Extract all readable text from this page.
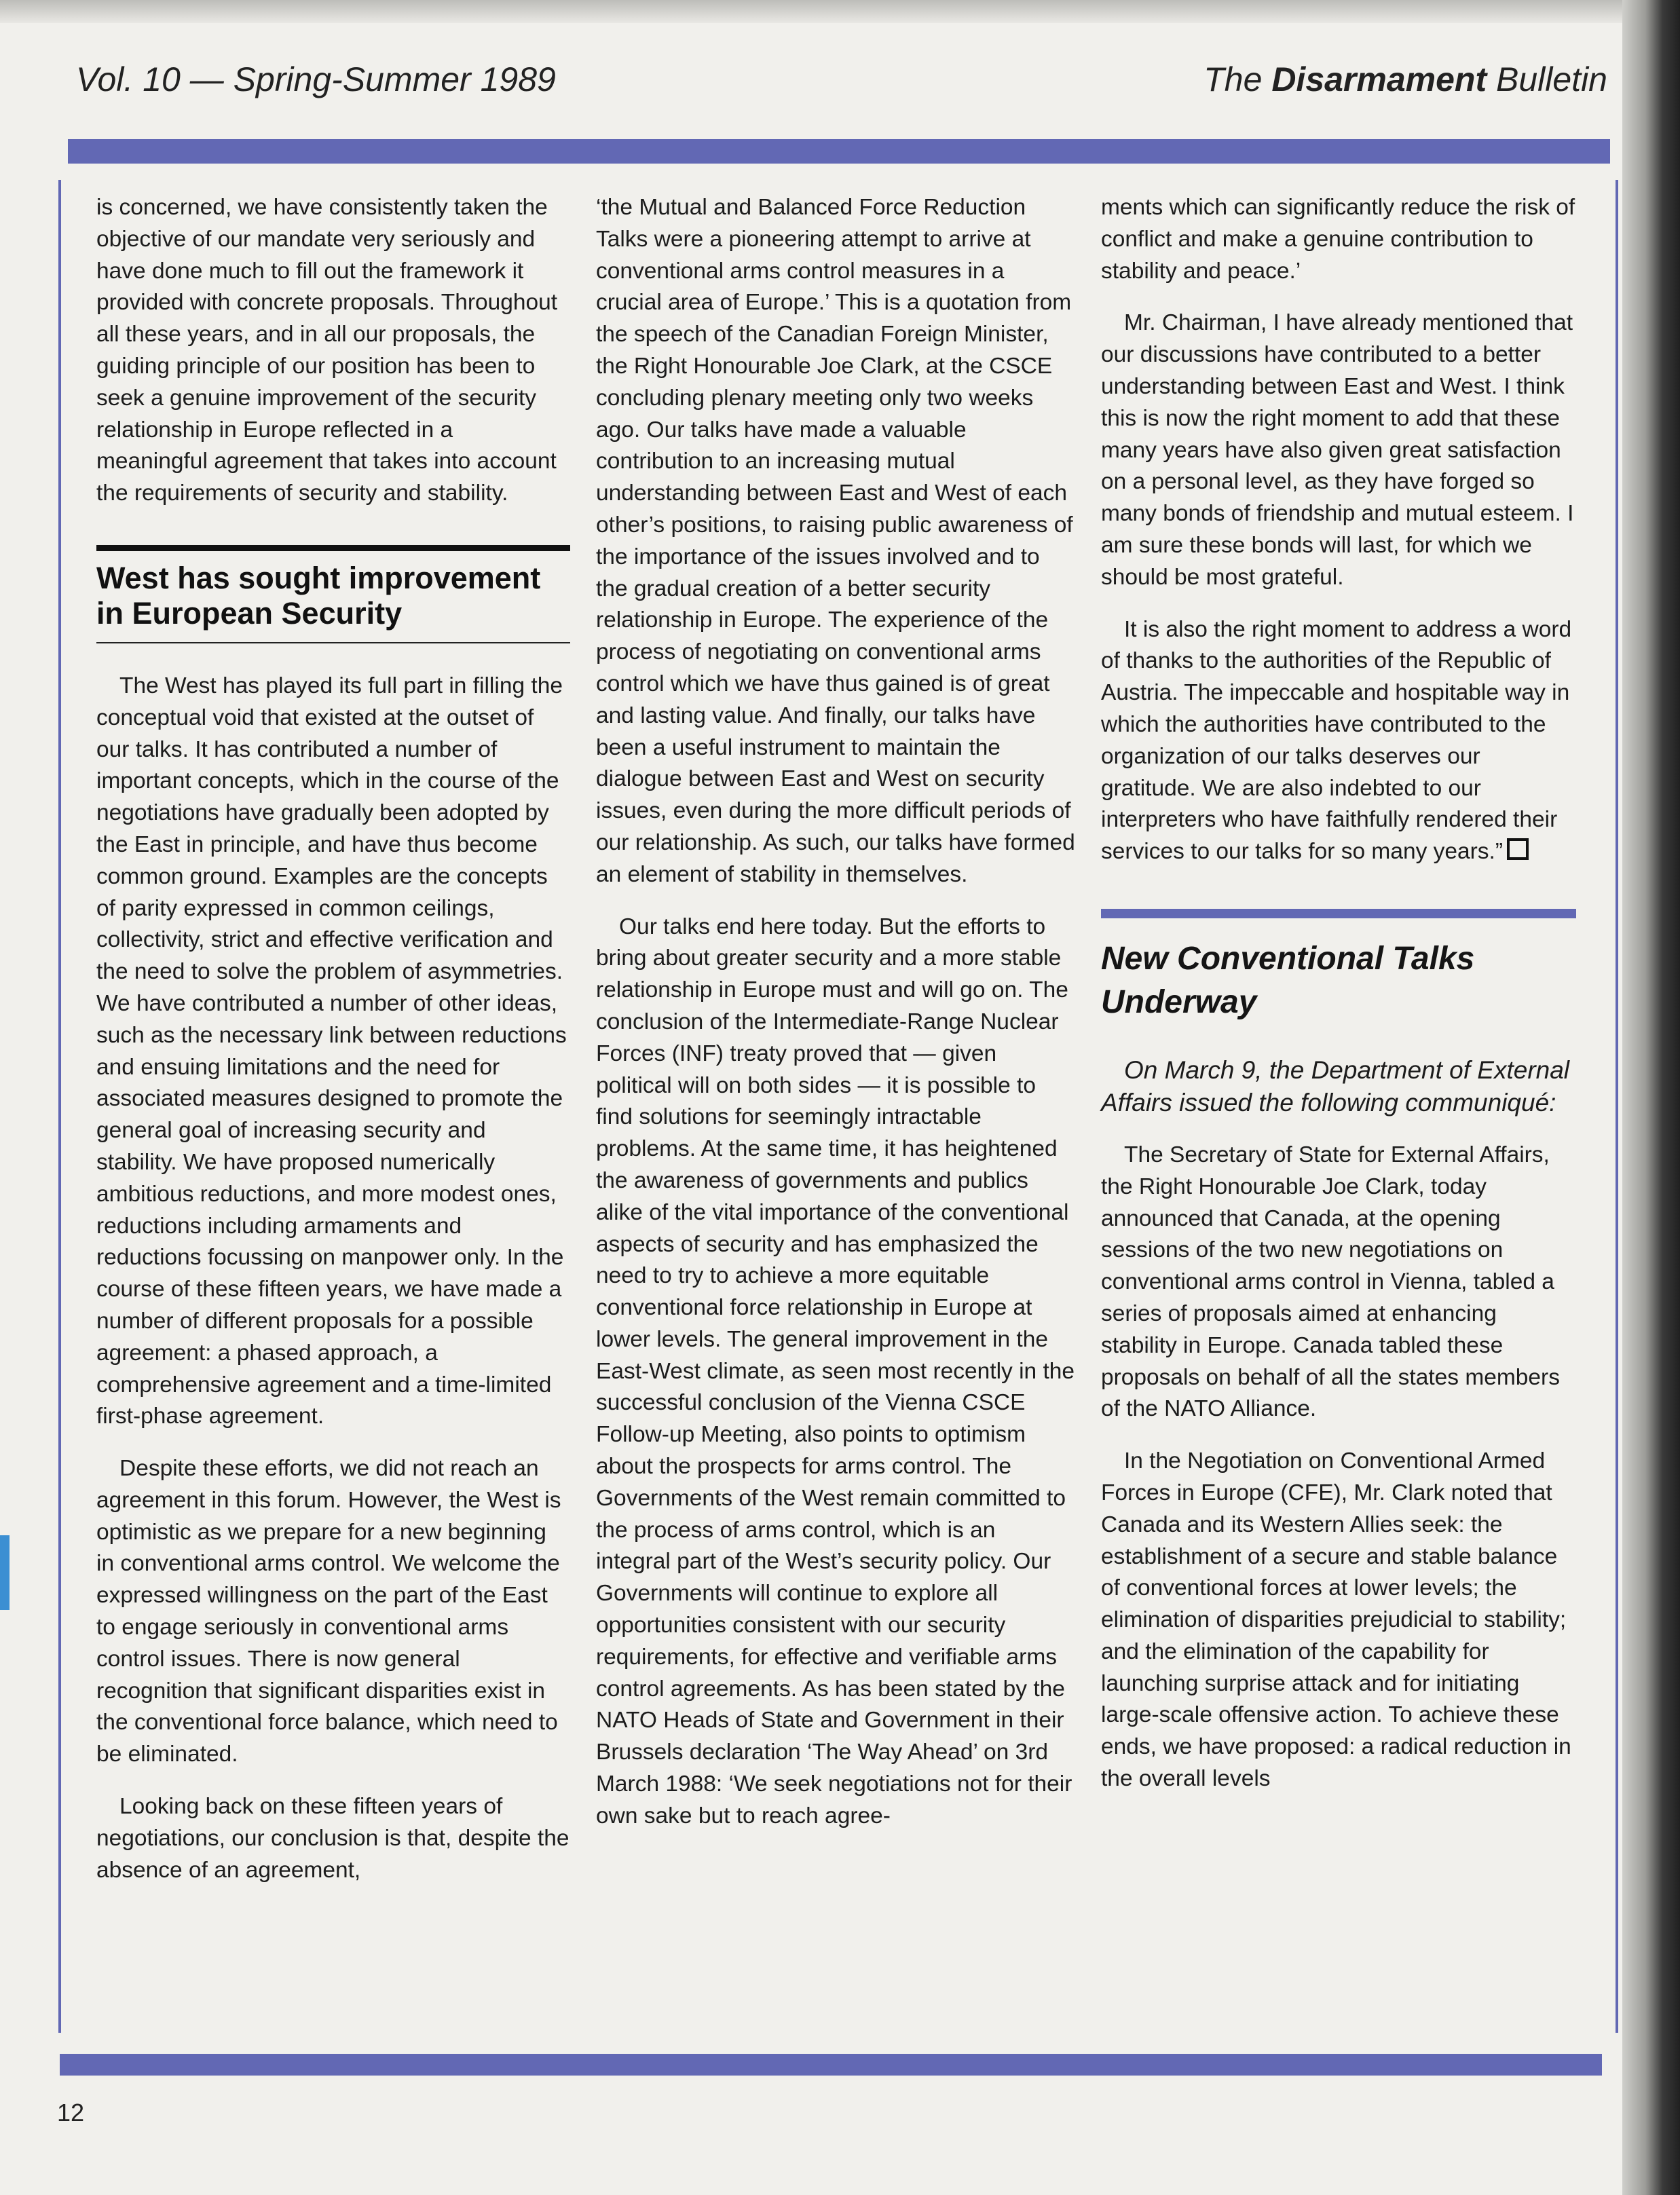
Vol. 10 — Spring-Summer 1989	The Disarmament Bulletin

is concerned, we have consistently taken the objective of our mandate very seriously and have done much to fill out the framework it provided with concrete proposals. Throughout all these years, and in all our proposals, the guiding principle of our position has been to seek a genuine improvement of the security relationship in Europe reflected in a meaningful agreement that takes into account the requirements of security and stability.

West has sought improvement in European Security

The West has played its full part in filling the conceptual void that existed at the outset of our talks. It has contributed a number of important concepts, which in the course of the negotiations have gradually been adopted by the East in principle, and have thus become common ground. Examples are the concepts of parity expressed in common ceilings, collectivity, strict and effective verification and the need to solve the problem of asymmetries. We have contributed a number of other ideas, such as the necessary link between reductions and ensuing limitations and the need for associated measures designed to promote the general goal of increasing security and stability. We have proposed numerically ambitious reductions, and more modest ones, reductions including armaments and reductions focussing on manpower only. In the course of these fifteen years, we have made a number of different proposals for a possible agreement: a phased approach, a comprehensive agreement and a time-limited first-phase agreement.

Despite these efforts, we did not reach an agreement in this forum. However, the West is optimistic as we prepare for a new beginning in conventional arms control. We welcome the expressed willingness on the part of the East to engage seriously in conventional arms control issues. There is now general recognition that significant disparities exist in the conventional force balance, which need to be eliminated.

Looking back on these fifteen years of negotiations, our conclusion is that, despite the absence of an agreement,

‘the Mutual and Balanced Force Reduction Talks were a pioneering attempt to arrive at conventional arms control measures in a crucial area of Europe.’ This is a quotation from the speech of the Canadian Foreign Minister, the Right Honourable Joe Clark, at the CSCE concluding plenary meeting only two weeks ago. Our talks have made a valuable contribution to an increasing mutual understanding between East and West of each other’s positions, to raising public awareness of the importance of the issues involved and to the gradual creation of a better security relationship in Europe. The experience of the process of negotiating on conventional arms control which we have thus gained is of great and lasting value. And finally, our talks have been a useful instrument to maintain the dialogue between East and West on security issues, even during the more difficult periods of our relationship. As such, our talks have formed an element of stability in themselves.

Our talks end here today. But the efforts to bring about greater security and a more stable relationship in Europe must and will go on. The conclusion of the Intermediate-Range Nuclear Forces (INF) treaty proved that — given political will on both sides — it is possible to find solutions for seemingly intractable problems. At the same time, it has heightened the awareness of governments and publics alike of the vital importance of the conventional aspects of security and has emphasized the need to try to achieve a more equitable conventional force relationship in Europe at lower levels. The general improvement in the East-West climate, as seen most recently in the successful conclusion of the Vienna CSCE Follow-up Meeting, also points to optimism about the prospects for arms control. The Governments of the West remain committed to the process of arms control, which is an integral part of the West’s security policy. Our Governments will continue to explore all opportunities consistent with our security requirements, for effective and verifiable arms control agreements. As has been stated by the NATO Heads of State and Government in their Brussels declaration ‘The Way Ahead’ on 3rd March 1988: ‘We seek negotiations not for their own sake but to reach agree-

ments which can significantly reduce the risk of conflict and make a genuine contribution to stability and peace.’

Mr. Chairman, I have already mentioned that our discussions have contributed to a better understanding between East and West. I think this is now the right moment to add that these many years have also given great satisfaction on a personal level, as they have forged so many bonds of friendship and mutual esteem. I am sure these bonds will last, for which we should be most grateful.

It is also the right moment to address a word of thanks to the authorities of the Republic of Austria. The impeccable and hospitable way in which the authorities have contributed to the organization of our talks deserves our gratitude. We are also indebted to our interpreters who have faithfully rendered their services to our talks for so many years.”

New Conventional Talks Underway

On March 9, the Department of External Affairs issued the following communiqué:

The Secretary of State for External Affairs, the Right Honourable Joe Clark, today announced that Canada, at the opening sessions of the two new negotiations on conventional arms control in Vienna, tabled a series of proposals aimed at enhancing stability in Europe. Canada tabled these proposals on behalf of all the states members of the NATO Alliance.

In the Negotiation on Conventional Armed Forces in Europe (CFE), Mr. Clark noted that Canada and its Western Allies seek: the establishment of a secure and stable balance of conventional forces at lower levels; the elimination of disparities prejudicial to stability; and the elimination of the capability for launching surprise attack and for initiating large-scale offensive action. To achieve these ends, we have proposed: a radical reduction in the overall levels

12
